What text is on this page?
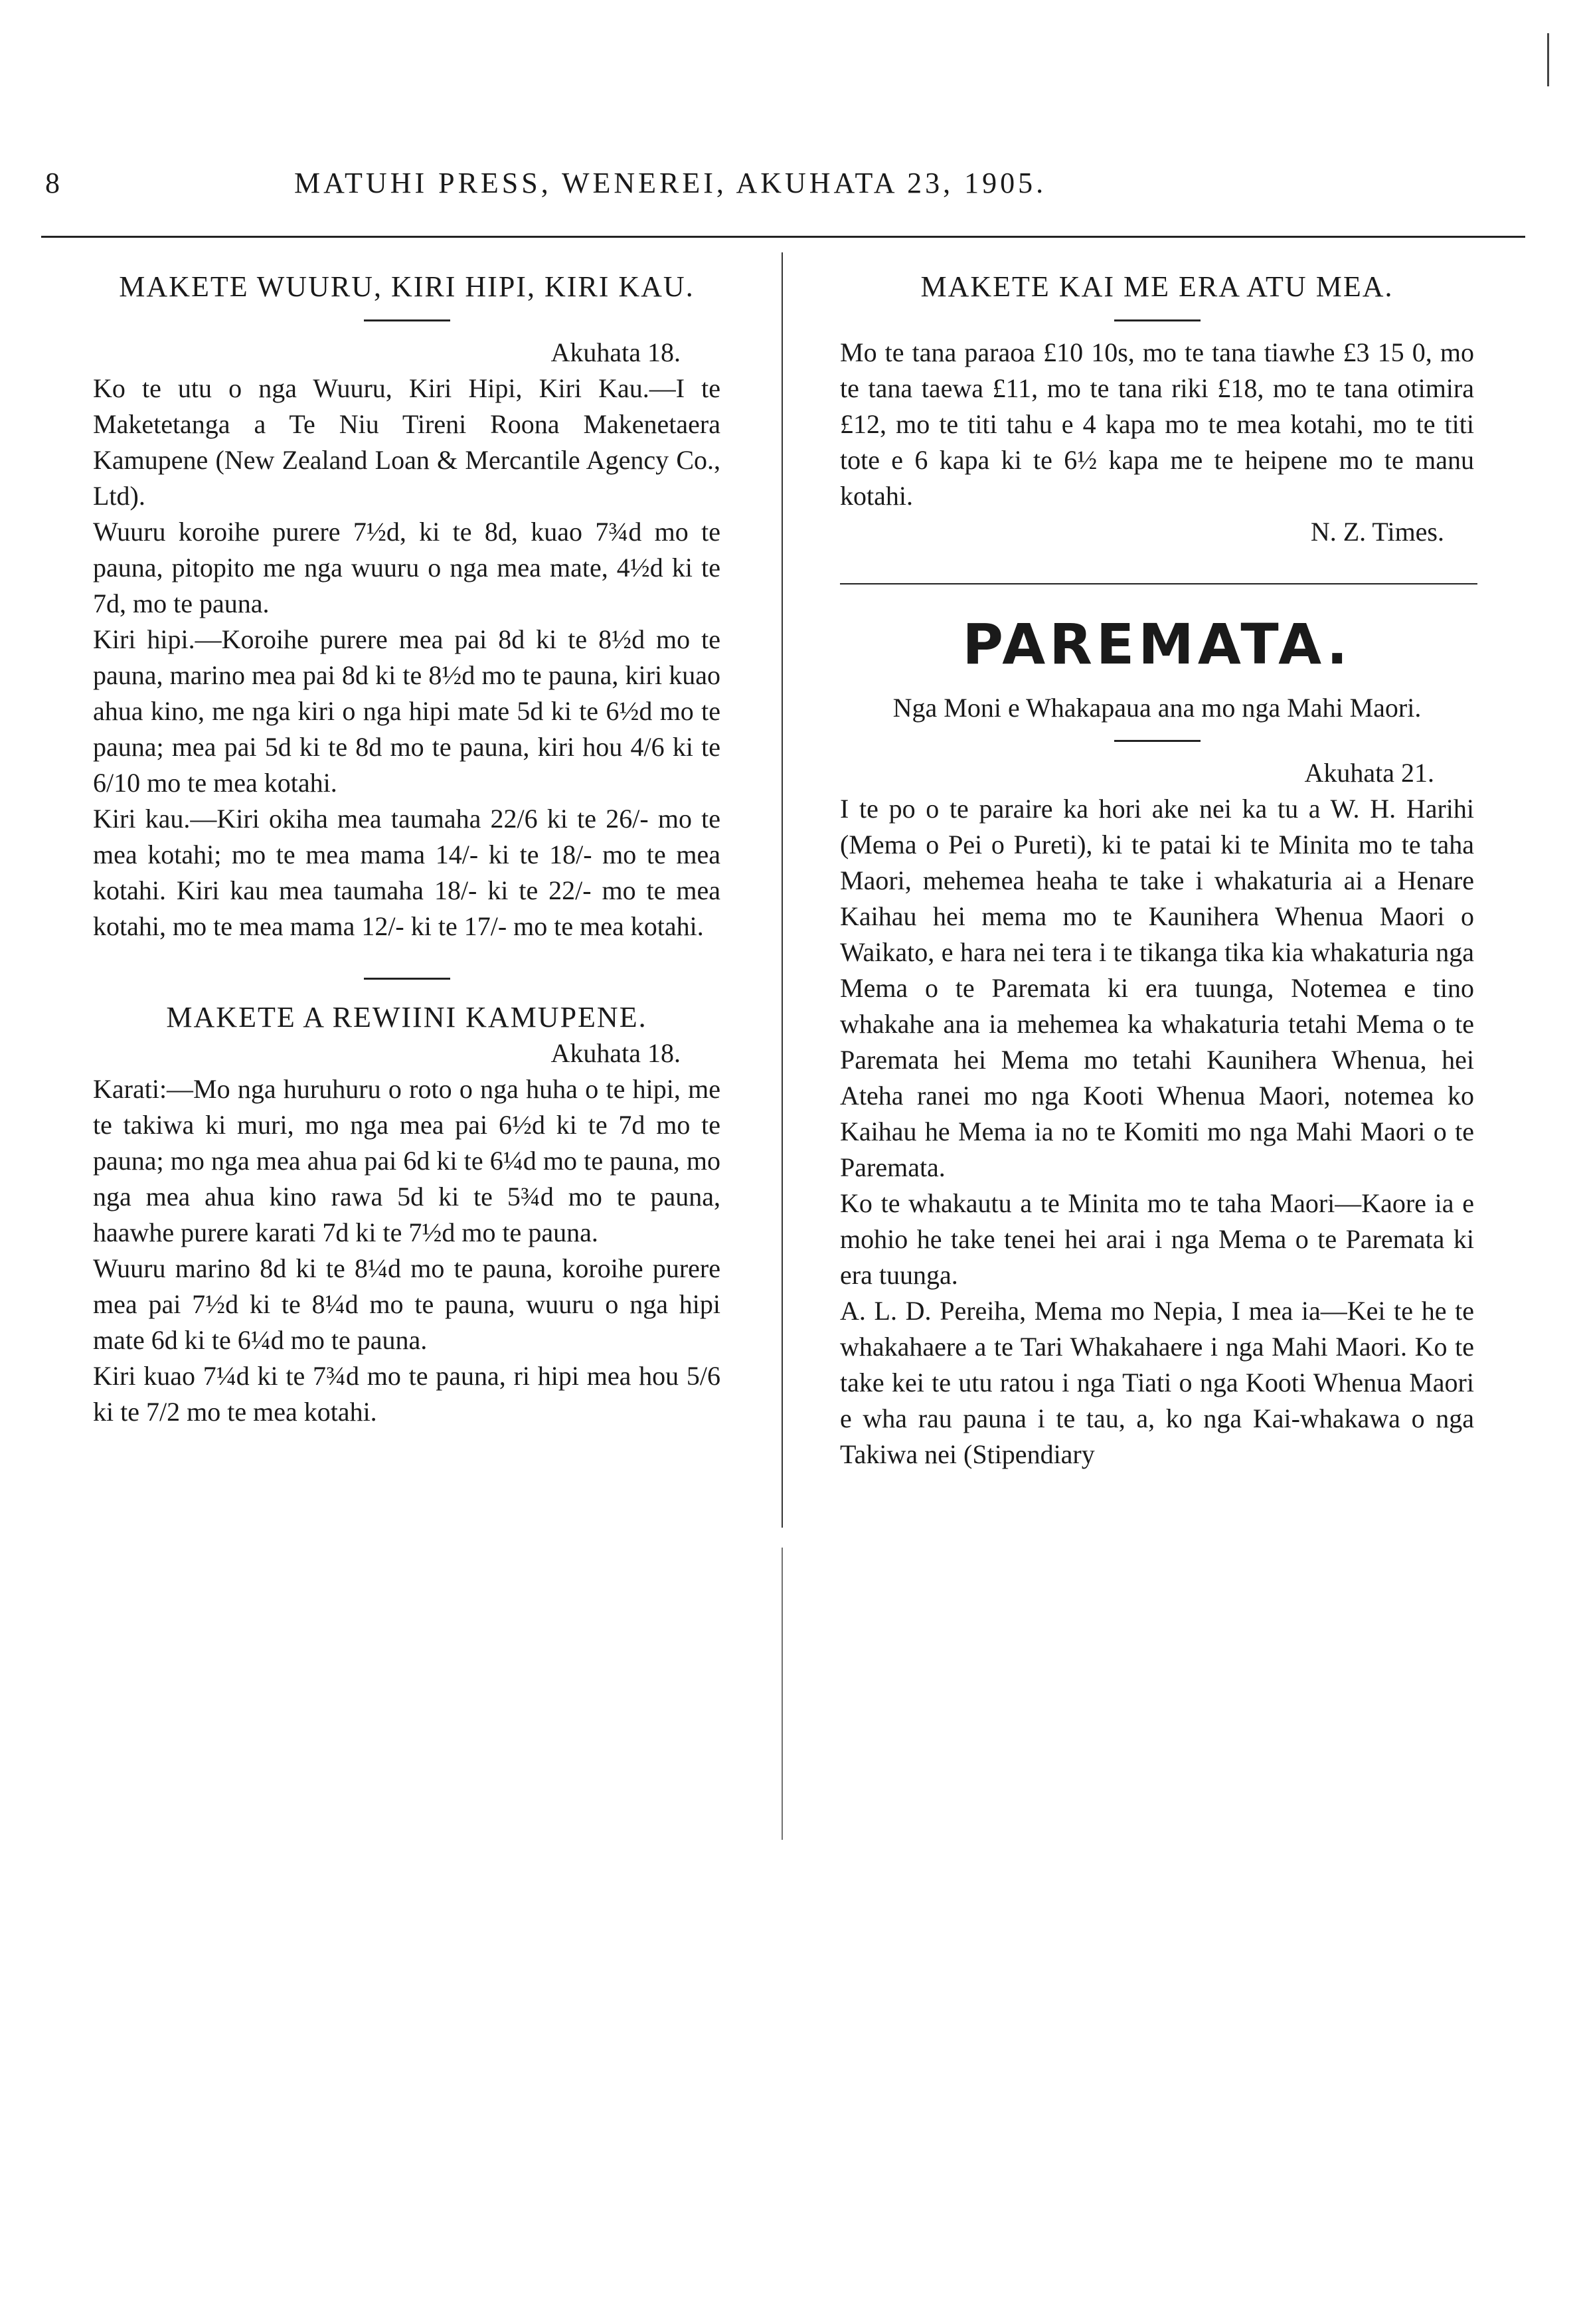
8	MATUHI PRESS, WENEREI, AKUHATA 23, 1905.
MAKETE WUURU, KIRI HIPI, KIRI KAU.

Akuhata 18.

Ko te utu o nga Wuuru, Kiri Hipi, Kiri Kau.—I te Maketetanga a Te Niu Tireni Roona Makenetaera Kamupene (New Zealand Loan & Mercantile Agency Co., Ltd).

Wuuru koroihe purere 7½d, ki te 8d, kuao 7¾d mo te pauna, pitopito me nga wuuru o nga mea mate, 4½d ki te 7d, mo te pauna.

Kiri hipi.—Koroihe purere mea pai 8d ki te 8½d mo te pauna, marino mea pai 8d ki te 8½d mo te pauna, kiri kuao ahua kino, me nga kiri o nga hipi mate 5d ki te 6½d mo te pauna; mea pai 5d ki te 8d mo te pauna, kiri hou 4/6 ki te 6/10 mo te mea kotahi.

Kiri kau.—Kiri okiha mea taumaha 22/6 ki te 26/- mo te mea kotahi; mo te mea mama 14/- ki te 18/- mo te mea kotahi. Kiri kau mea taumaha 18/- ki te 22/- mo te mea kotahi, mo te mea mama 12/- ki te 17/- mo te mea kotahi.

MAKETE A REWIINI KAMUPENE.

Akuhata 18.

Karati:—Mo nga huruhuru o roto o nga huha o te hipi, me te takiwa ki muri, mo nga mea pai 6½d ki te 7d mo te pauna; mo nga mea ahua pai 6d ki te 6¼d mo te pauna, mo nga mea ahua kino rawa 5d ki te 5¾d mo te pauna, haawhe purere karati 7d ki te 7½d mo te pauna.

Wuuru marino 8d ki te 8¼d mo te pauna, koroihe purere mea pai 7½d ki te 8¼d mo te pauna, wuuru o nga hipi mate 6d ki te 6¼d mo te pauna.

Kiri kuao 7¼d ki te 7¾d mo te pauna, ri hipi mea hou 5/6 ki te 7/2 mo te mea kotahi.

MAKETE KAI ME ERA ATU MEA.

Mo te tana paraoa £10 10s, mo te tana tiawhe £3 15 0, mo te tana taewa £11, mo te tana riki £18, mo te tana otimira £12, mo te titi tahu e 4 kapa mo te mea kotahi, mo te titi tote e 6 kapa ki te 6½ kapa me te heipene mo te manu kotahi.

N. Z. Times.

PAREMATA.

Nga Moni e Whakapaua ana mo nga Mahi Maori.

Akuhata 21.

I te po o te paraire ka hori ake nei ka tu a W. H. Harihi (Mema o Pei o Pureti), ki te patai ki te Minita mo te taha Maori, mehemea heaha te take i whakaturia ai a Henare Kaihau hei mema mo te Kaunihera Whenua Maori o Waikato, e hara nei tera i te tikanga tika kia whakaturia nga Mema o te Paremata ki era tuunga, Notemea e tino whakahe ana ia mehemea ka whakaturia tetahi Mema o te Paremata hei Mema mo tetahi Kaunihera Whenua, hei Ateha ranei mo nga Kooti Whenua Maori, notemea ko Kaihau he Mema ia no te Komiti mo nga Mahi Maori o te Paremata.

Ko te whakautu a te Minita mo te taha Maori—Kaore ia e mohio he take tenei hei arai i nga Mema o te Paremata ki era tuunga.

A. L. D. Pereiha, Mema mo Nepia, I mea ia—Kei te he te whakahaere a te Tari Whakahaere i nga Mahi Maori. Ko te take kei te utu ratou i nga Tiati o nga Kooti Whenua Maori e wha rau pauna i te tau, a, ko nga Kai-whakawa o nga Takiwa nei (Stipendiary
